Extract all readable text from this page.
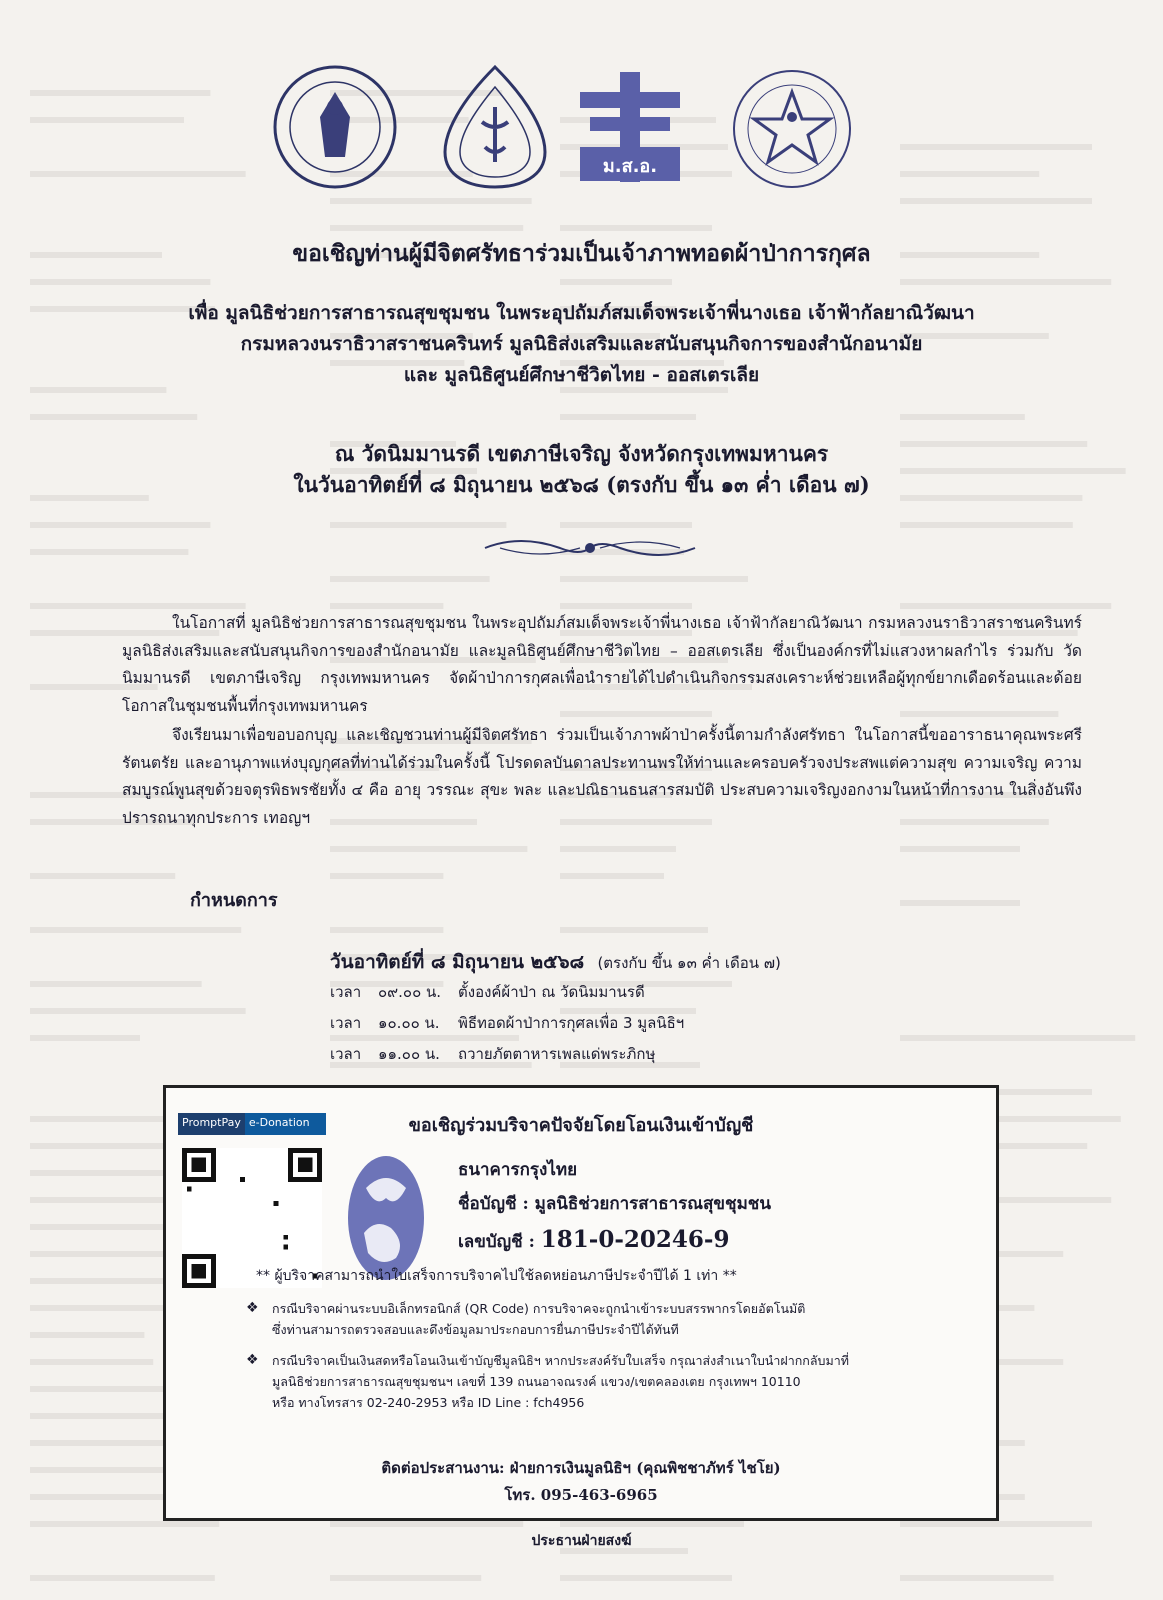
ม.ส.อ.
ขอเชิญท่านผู้มีจิตศรัทธาร่วมเป็นเจ้าภาพทอดผ้าป่าการกุศล
เพื่อ มูลนิธิช่วยการสาธารณสุขชุมชน ในพระอุปถัมภ์สมเด็จพระเจ้าพี่นางเธอ เจ้าฟ้ากัลยาณิวัฒนา
กรมหลวงนราธิวาสราชนครินทร์ มูลนิธิส่งเสริมและสนับสนุนกิจการของสำนักอนามัย
และ มูลนิธิศูนย์ศึกษาชีวิตไทย - ออสเตรเลีย
ณ วัดนิมมานรดี เขตภาษีเจริญ จังหวัดกรุงเทพมหานคร
ในวันอาทิตย์ที่ ๘ มิถุนายน ๒๕๖๘ (ตรงกับ ขึ้น ๑๓ ค่ำ เดือน ๗)
ในโอกาสที่ มูลนิธิช่วยการสาธารณสุขชุมชน ในพระอุปถัมภ์สมเด็จพระเจ้าพี่นางเธอ เจ้าฟ้ากัลยาณิวัฒนา กรมหลวงนราธิวาสราชนครินทร์ มูลนิธิส่งเสริมและสนับสนุนกิจการของสำนักอนามัย และมูลนิธิศูนย์ศึกษาชีวิตไทย – ออสเตรเลีย ซึ่งเป็นองค์กรที่ไม่แสวงหาผลกำไร ร่วมกับ วัดนิมมานรดี เขตภาษีเจริญ กรุงเทพมหานคร จัดผ้าป่าการกุศลเพื่อนำรายได้ไปดำเนินกิจกรรมสงเคราะห์ช่วยเหลือผู้ทุกข์ยากเดือดร้อนและด้อยโอกาสในชุมชนพื้นที่กรุงเทพมหานคร
จึงเรียนมาเพื่อขอบอกบุญ และเชิญชวนท่านผู้มีจิตศรัทธา ร่วมเป็นเจ้าภาพผ้าป่าครั้งนี้ตามกำลังศรัทธา ในโอกาสนี้ขออาราธนาคุณพระศรีรัตนตรัย และอานุภาพแห่งบุญกุศลที่ท่านได้ร่วมในครั้งนี้ โปรดดลบันดาลประทานพรให้ท่านและครอบครัวจงประสพแต่ความสุข ความเจริญ ความสมบูรณ์พูนสุขด้วยจตุรพิธพรชัยทั้ง ๔ คือ อายุ วรรณะ สุขะ พละ และปณิธานธนสารสมบัติ ประสบความเจริญงอกงามในหน้าที่การงาน ในสิ่งอันพึงปรารถนาทุกประการ เทอญฯ
กำหนดการ
วันอาทิตย์ที่ ๘ มิถุนายน ๒๕๖๘ (ตรงกับ ขึ้น ๑๓ ค่ำ เดือน ๗)
เวลา ๐๙.๐๐ น. ตั้งองค์ผ้าป่า ณ วัดนิมมานรดี
เวลา ๑๐.๐๐ น. พิธีทอดผ้าป่าการกุศลเพื่อ 3 มูลนิธิฯ
เวลา ๑๑.๐๐ น. ถวายภัตตาหารเพลแด่พระภิกษุ
PromptPay e-Donation	ขอเชิญร่วมบริจาคปัจจัยโดยโอนเงินเข้าบัญชี
ธนาคารกรุงไทย
ชื่อบัญชี : มูลนิธิช่วยการสาธารณสุขชุมชน
เลขบัญชี : 181-0-20246-9
** ผู้บริจาคสามารถนำใบเสร็จการบริจาคไปใช้ลดหย่อนภาษีประจำปีได้ 1 เท่า **
❖ กรณีบริจาคผ่านระบบอิเล็กทรอนิกส์ (QR Code) การบริจาคจะถูกนำเข้าระบบสรรพากรโดยอัตโนมัติ
ซึ่งท่านสามารถตรวจสอบและดึงข้อมูลมาประกอบการยื่นภาษีประจำปีได้ทันที
❖ กรณีบริจาคเป็นเงินสดหรือโอนเงินเข้าบัญชีมูลนิธิฯ หากประสงค์รับใบเสร็จ กรุณาส่งสำเนาใบนำฝากกลับมาที่
มูลนิธิช่วยการสาธารณสุขชุมชนฯ เลขที่ 139 ถนนอาจณรงค์ แขวง/เขตคลองเตย กรุงเทพฯ 10110
หรือ ทางโทรสาร 02-240-2953 หรือ ID Line : fch4956
ติดต่อประสานงาน: ฝ่ายการเงินมูลนิธิฯ (คุณพิชชาภัทร์ ไชโย)
โทร. 095-463-6965
ประธานฝ่ายสงฆ์
